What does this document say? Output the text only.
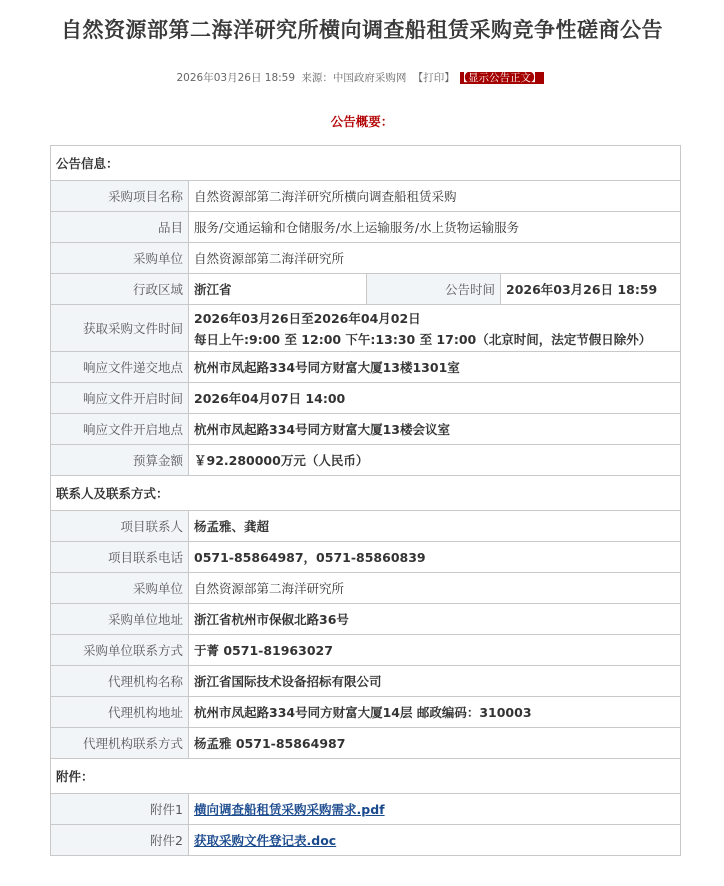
自然资源部第二海洋研究所横向调查船租赁采购竞争性磋商公告
2026年03月26日 18:59 来源：中国政府采购网 【打印】 【显示公告正文】
公告概要：
公告信息：			
采购项目名称	自然资源部第二海洋研究所横向调查船租赁采购		
品目	服务/交通运输和仓储服务/水上运输服务/水上货物运输服务		
采购单位	自然资源部第二海洋研究所		
行政区域	浙江省	公告时间	2026年03月26日 18:59
获取采购文件时间	2026年03月26日至2026年04月02日
每日上午:9:00 至 12:00 下午:13:30 至 17:00（北京时间，法定节假日除外）		

响应文件递交地点	杭州市凤起路334号同方财富大厦13楼1301室		
响应文件开启时间	2026年04月07日 14:00		
响应文件开启地点	杭州市凤起路334号同方财富大厦13楼会议室		
预算金额	￥92.280000万元（人民币）		
联系人及联系方式：			
项目联系人	杨孟雅、龚超		
项目联系电话	0571-85864987，0571-85860839		
采购单位	自然资源部第二海洋研究所		
采购单位地址	浙江省杭州市保俶北路36号		
采购单位联系方式	于菁 0571-81963027		
代理机构名称	浙江省国际技术设备招标有限公司		
代理机构地址	杭州市凤起路334号同方财富大厦14层 邮政编码：310003		
代理机构联系方式	杨孟雅 0571-85864987		
附件：			
附件1	横向调查船租赁采购采购需求.pdf		
附件2	获取采购文件登记表.doc		
